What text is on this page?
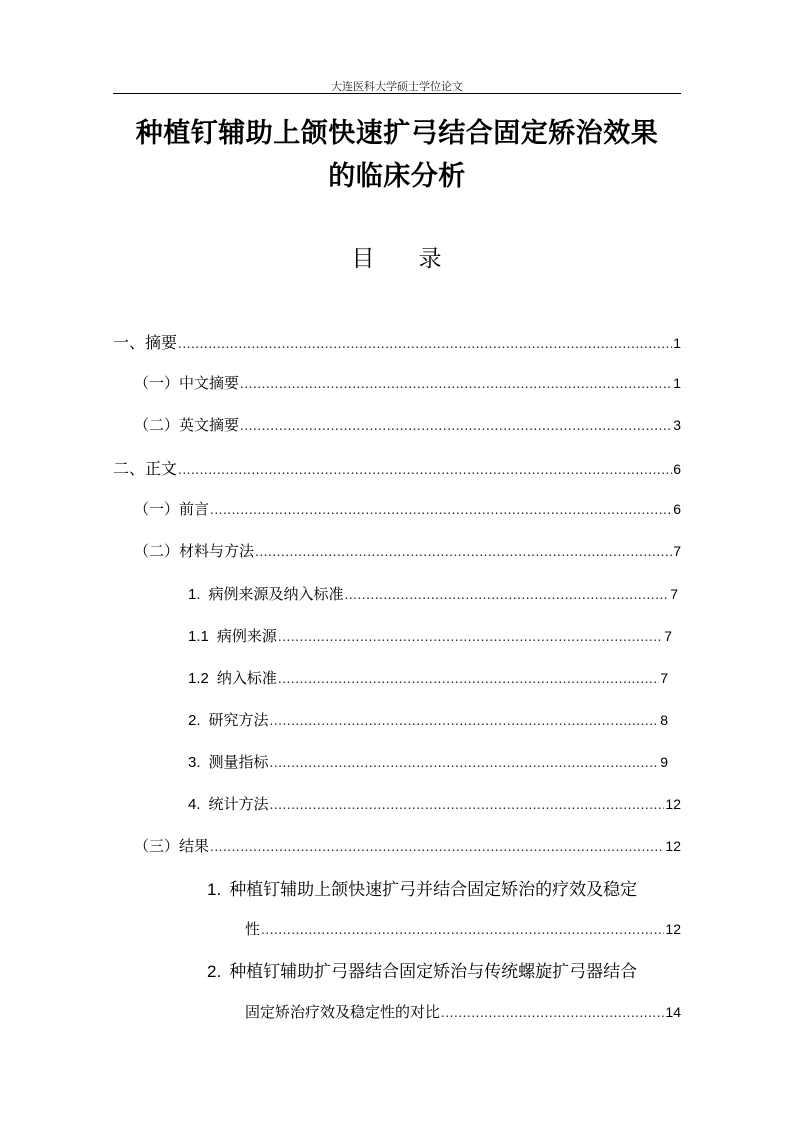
大连医科大学硕士学位论文
种植钉辅助上颌快速扩弓结合固定矫治效果
的临床分析
目录
一、摘要 .....	1
（一）中文摘要 .....	1
（二）英文摘要 .....	3
二、正文 .....	6
（一）前言 .....	6
（二）材料与方法 .....	7
1. 病例来源及纳入标准 .....	7
1.1 病例来源 .....	7
1.2 纳入标准 .....	7
2. 研究方法 .....	8
3. 测量指标 .....	9
4. 统计方法 .....	12
（三）结果 .....	12
1. 种植钉辅助上颌快速扩弓并结合固定矫治的疗效及稳定
性 .....	12
2. 种植钉辅助扩弓器结合固定矫治与传统螺旋扩弓器结合
固定矫治疗效及稳定性的对比 .....	14
